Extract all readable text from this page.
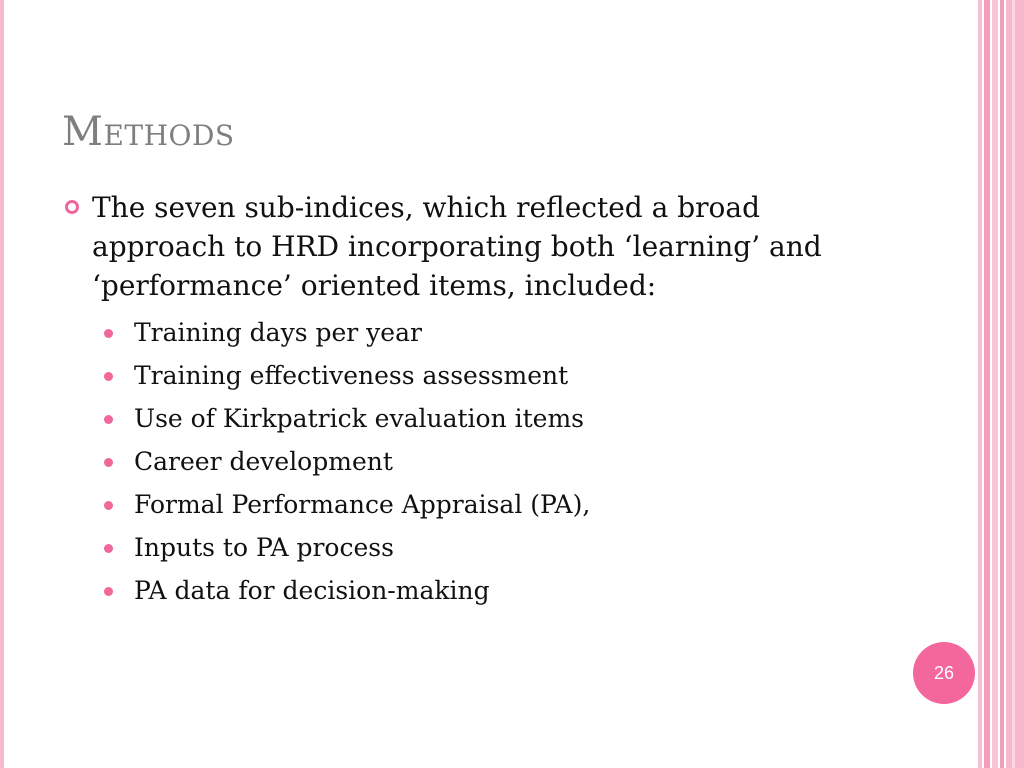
Methods
The seven sub-indices, which reflected a broad approach to HRD incorporating both ‘learning’ and ‘performance’ oriented items, included:
Training days per year
Training effectiveness assessment
Use of Kirkpatrick evaluation items
Career development
Formal Performance Appraisal (PA),
Inputs to PA process
PA data for decision-making
26
